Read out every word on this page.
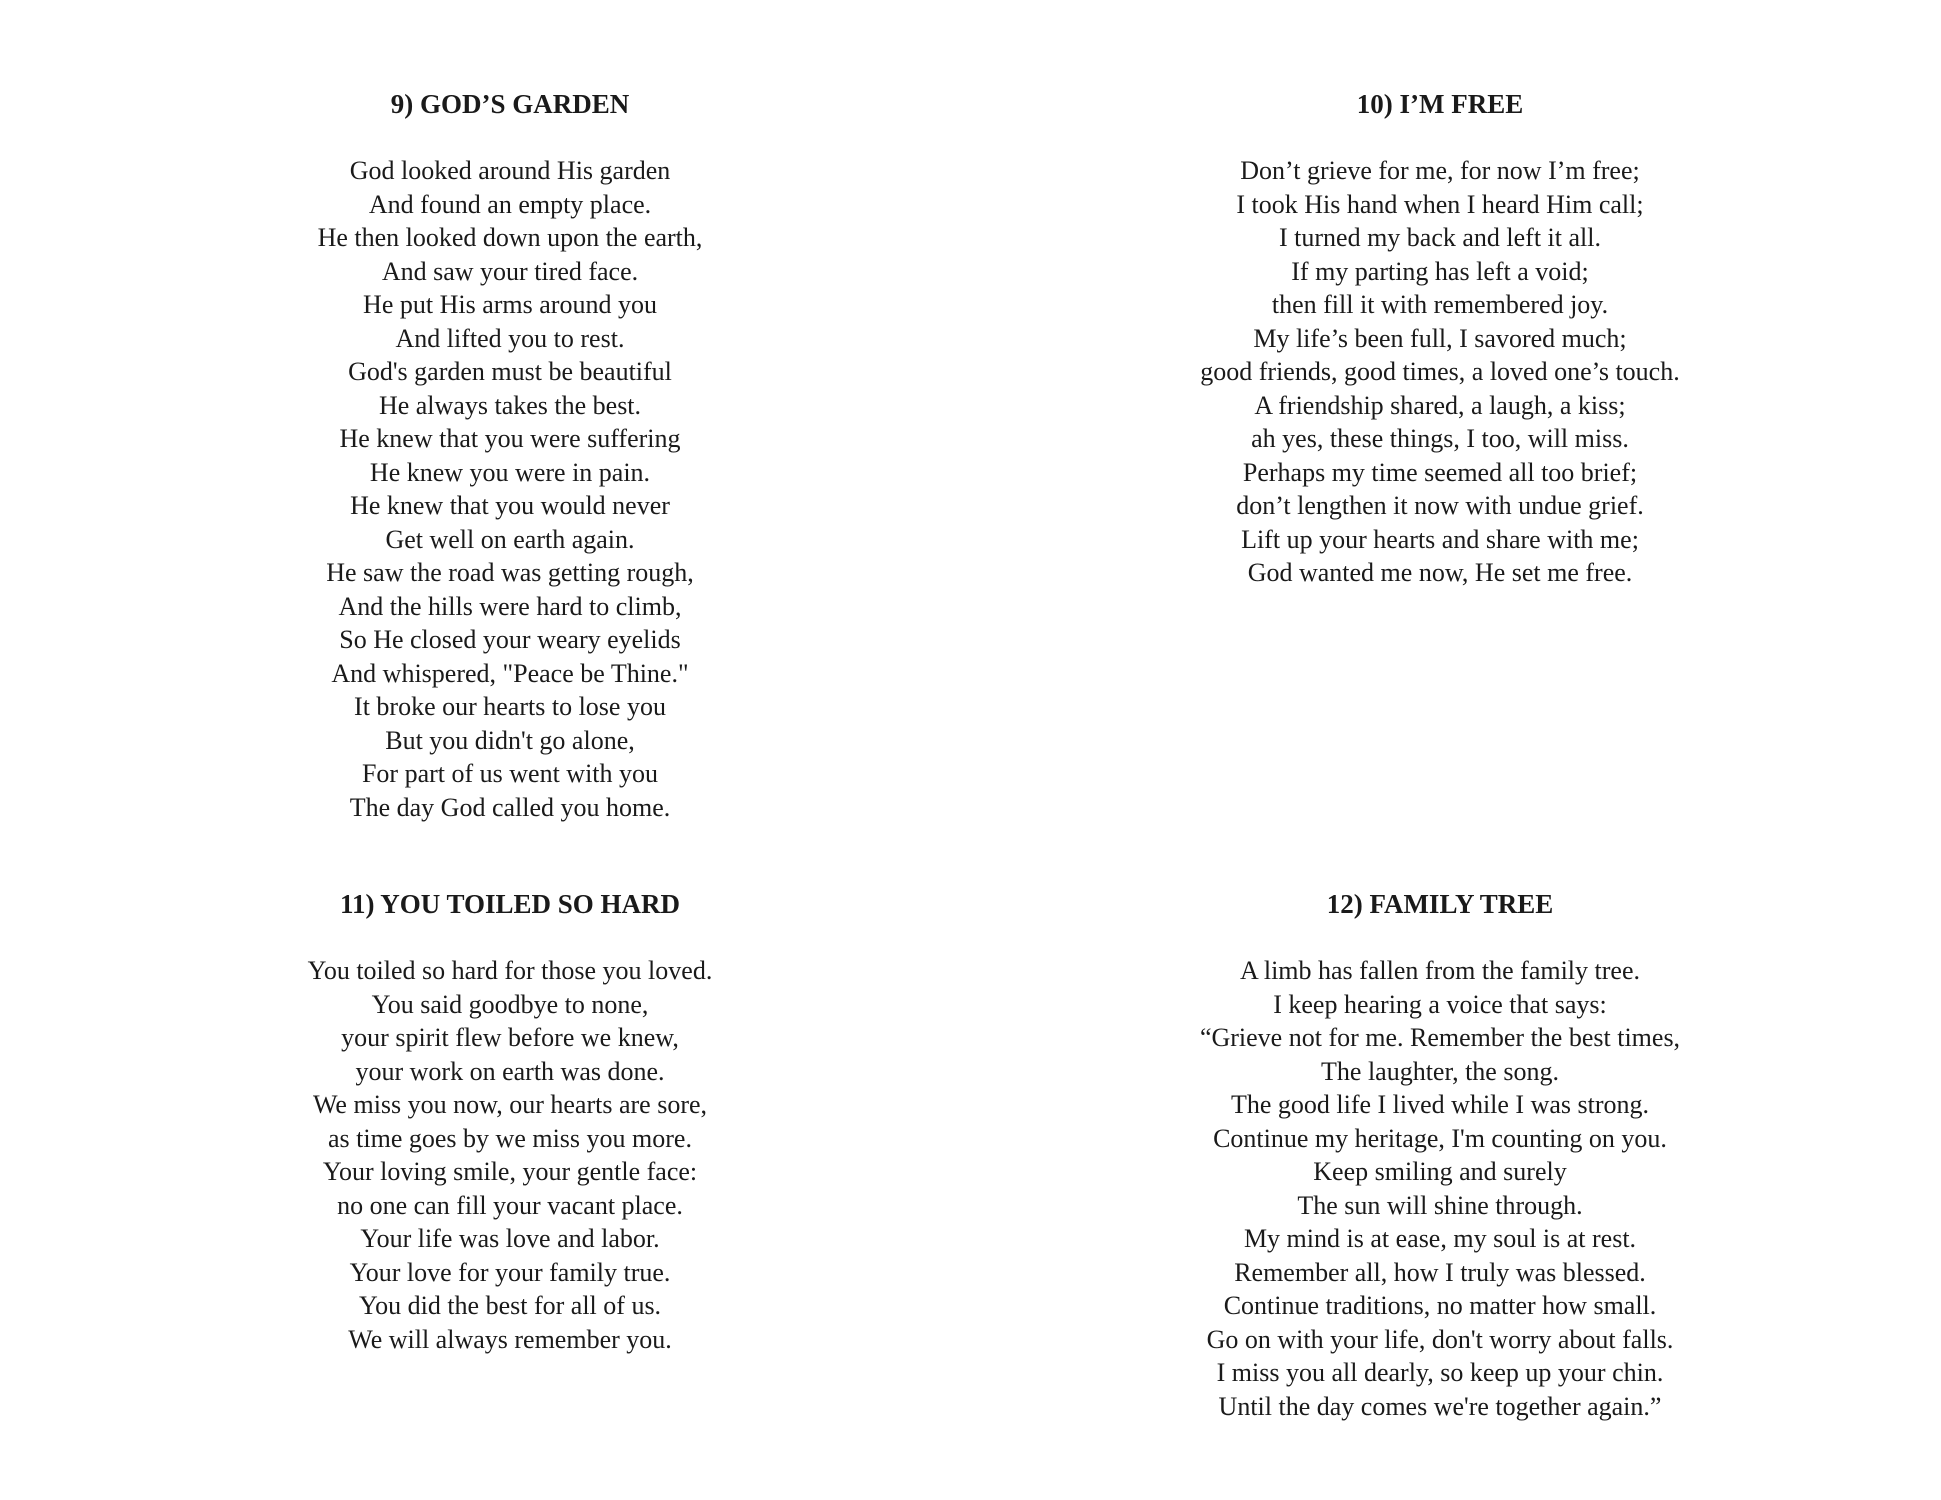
9) GOD’S GARDEN
God looked around His garden
And found an empty place.
He then looked down upon the earth,
And saw your tired face.
He put His arms around you
And lifted you to rest.
God's garden must be beautiful
He always takes the best.
He knew that you were suffering
He knew you were in pain.
He knew that you would never
Get well on earth again.
He saw the road was getting rough,
And the hills were hard to climb,
So He closed your weary eyelids
And whispered, "Peace be Thine."
It broke our hearts to lose you
But you didn't go alone,
For part of us went with you
The day God called you home.
10) I’M FREE
Don’t grieve for me, for now I’m free;
I took His hand when I heard Him call;
I turned my back and left it all.
If my parting has left a void;
then fill it with remembered joy.
My life’s been full, I savored much;
good friends, good times, a loved one’s touch.
A friendship shared, a laugh, a kiss;
ah yes, these things, I too, will miss.
Perhaps my time seemed all too brief;
don’t lengthen it now with undue grief.
Lift up your hearts and share with me;
God wanted me now, He set me free.
11) YOU TOILED SO HARD
You toiled so hard for those you loved.
You said goodbye to none,
your spirit flew before we knew,
your work on earth was done.
We miss you now, our hearts are sore,
as time goes by we miss you more.
Your loving smile, your gentle face:
no one can fill your vacant place.
Your life was love and labor.
Your love for your family true.
You did the best for all of us.
We will always remember you.
12) FAMILY TREE
A limb has fallen from the family tree.
I keep hearing a voice that says:
“Grieve not for me. Remember the best times,
The laughter, the song.
The good life I lived while I was strong.
Continue my heritage, I'm counting on you.
Keep smiling and surely
The sun will shine through.
My mind is at ease, my soul is at rest.
Remember all, how I truly was blessed.
Continue traditions, no matter how small.
Go on with your life, don't worry about falls.
I miss you all dearly, so keep up your chin.
Until the day comes we're together again.”
